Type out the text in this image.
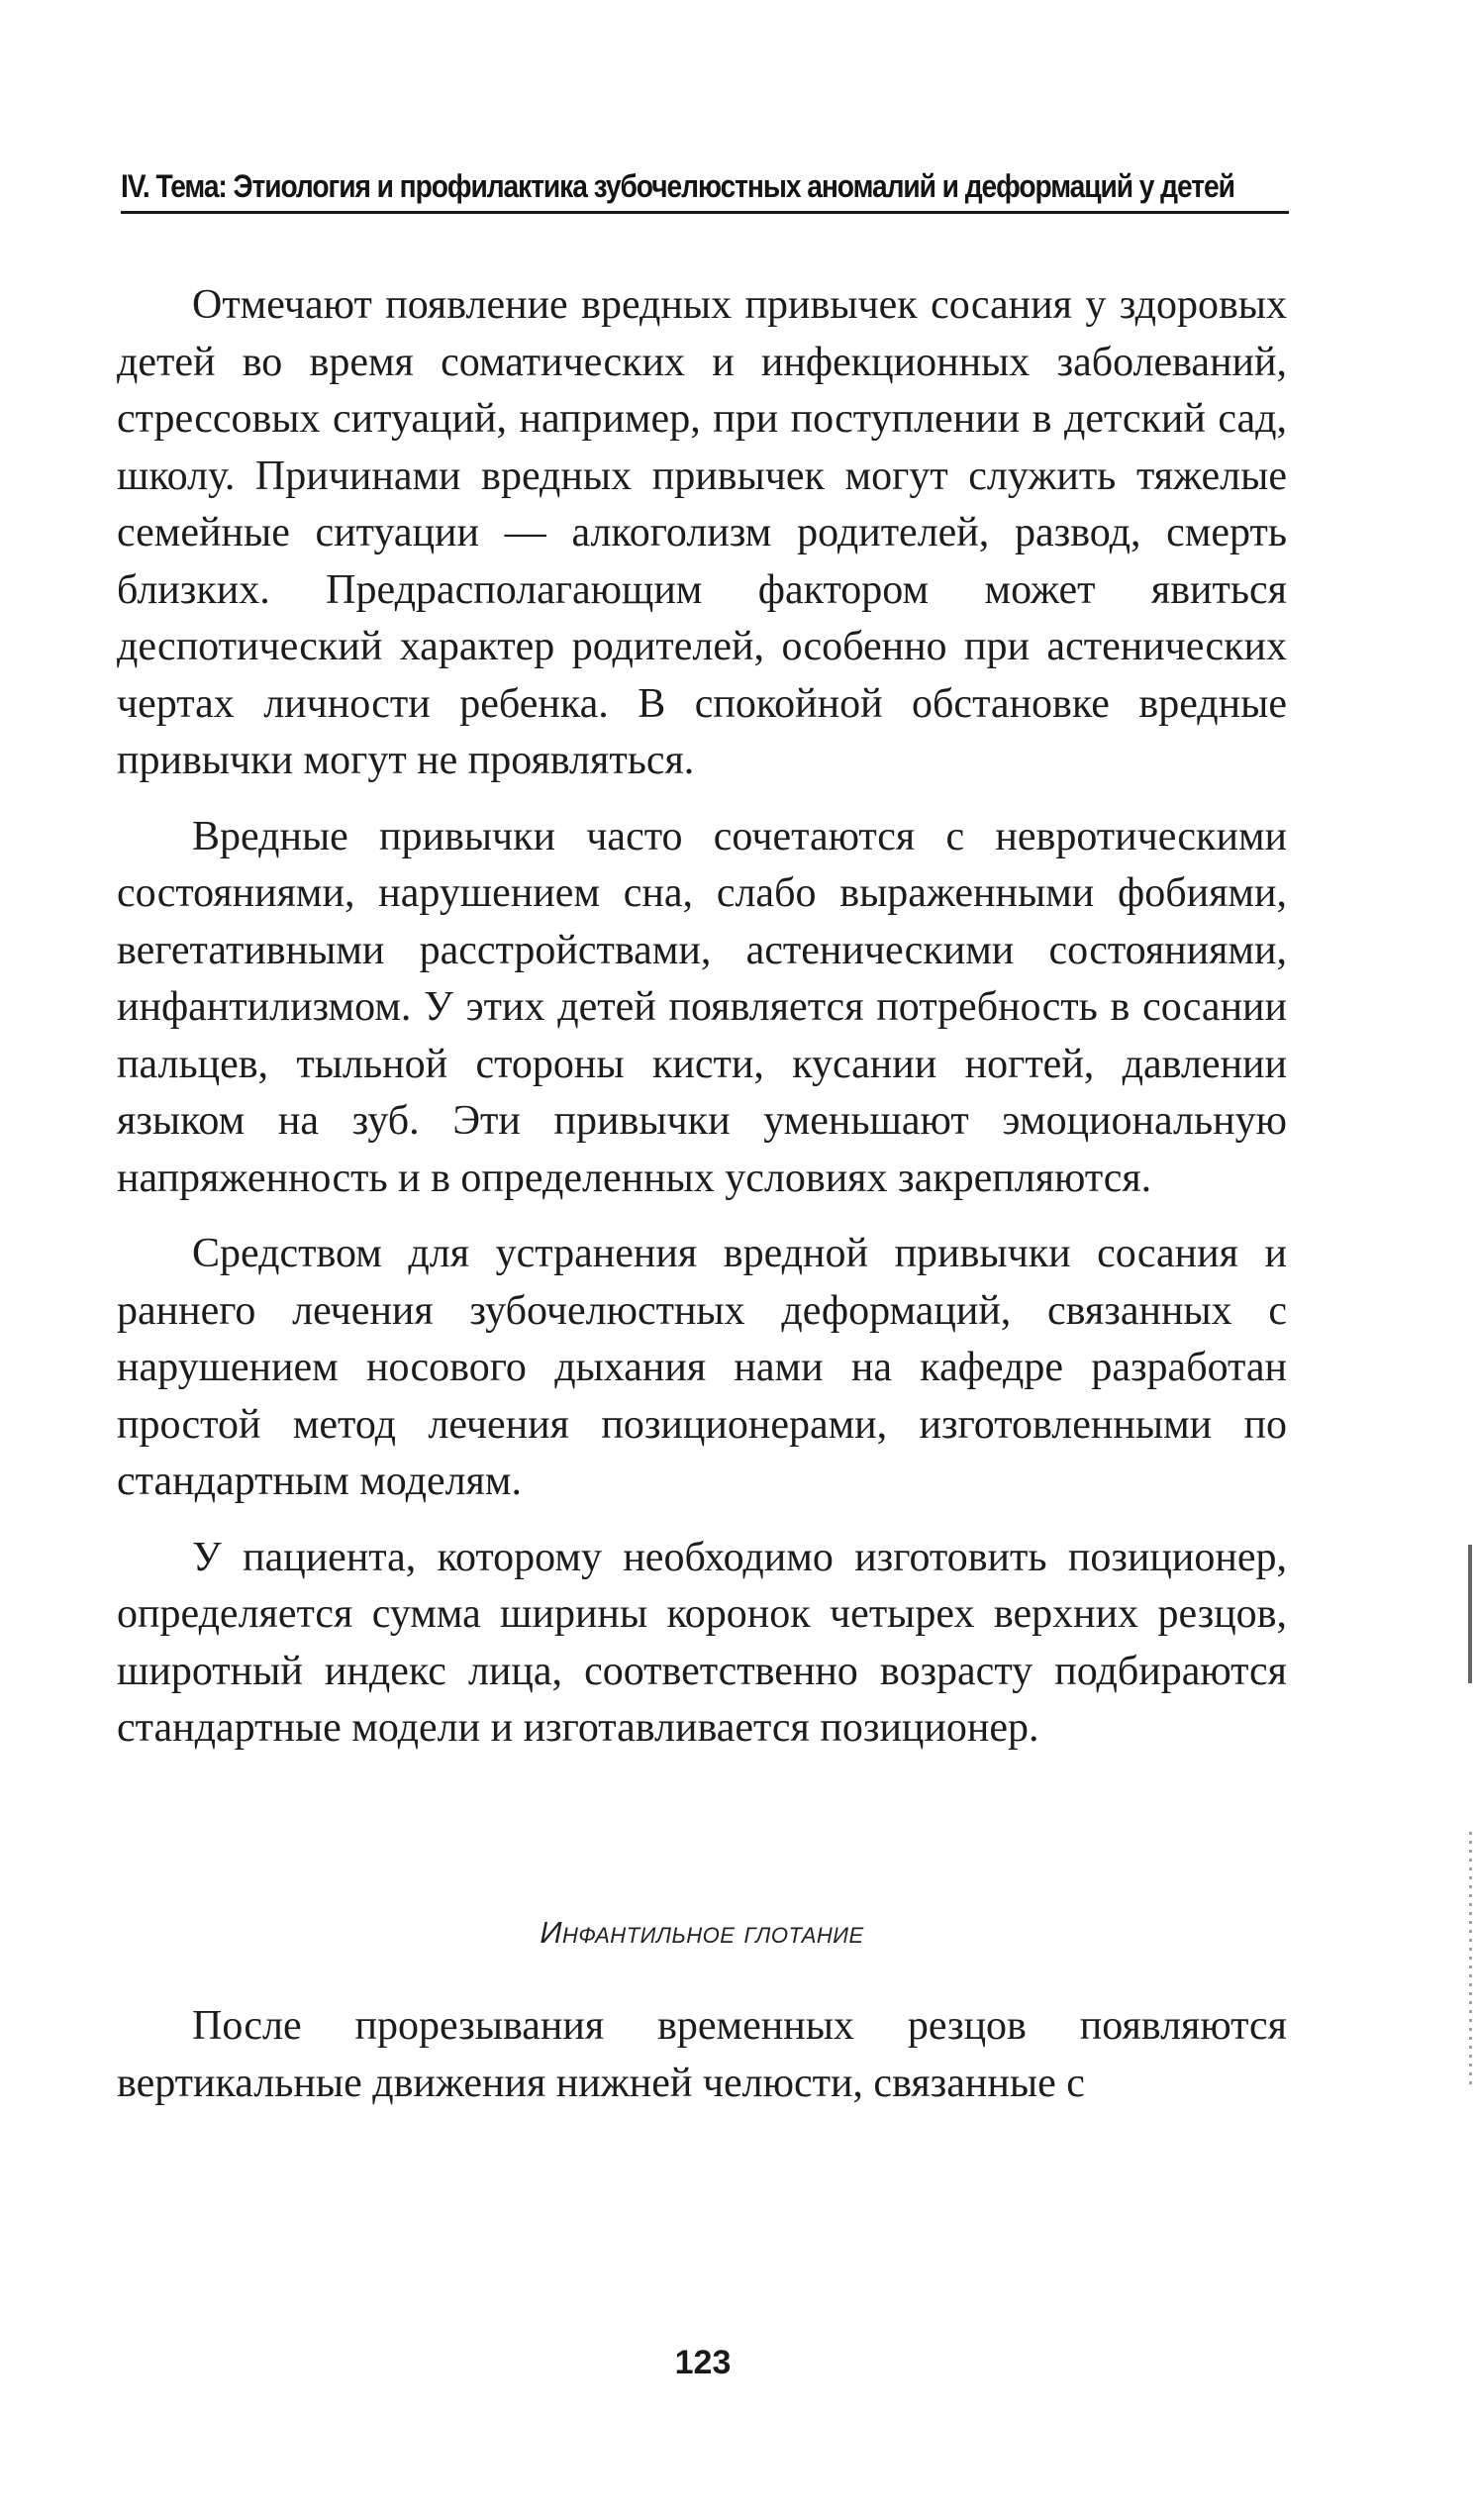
IV. Тема: Этиология и профилактика зубочелюстных аномалий и деформаций у детей

Отмечают появление вредных привычек сосания у здоровых детей во время соматических и инфекционных заболеваний, стрессовых ситуаций, например, при поступлении в детский сад, школу. Причинами вредных привычек могут служить тяжелые семейные ситуации — алкоголизм родителей, развод, смерть близких. Предрасполагающим фактором может явиться деспотический характер родителей, особенно при астенических чертах личности ребенка. В спокойной обстановке вредные привычки могут не проявляться.

Вредные привычки часто сочетаются с невротическими состояниями, нарушением сна, слабо выраженными фобиями, вегетативными расстройствами, астеническими состояниями, инфантилизмом. У этих детей появляется потребность в сосании пальцев, тыльной стороны кисти, кусании ногтей, давлении языком на зуб. Эти привычки уменьшают эмоциональную напряженность и в определенных условиях закрепляются.

Средством для устранения вредной привычки сосания и раннего лечения зубочелюстных деформаций, связанных с нарушением носового дыхания нами на кафедре разработан простой метод лечения позиционерами, изготовленными по стандартным моделям.

У пациента, которому необходимо изготовить позиционер, определяется сумма ширины коронок четырех верхних резцов, широтный индекс лица, соответственно возрасту подбираются стандартные модели и изготавливается позиционер.

Инфантильное глотание

После прорезывания временных резцов появляются вертикальные движения нижней челюсти, связанные с

123
